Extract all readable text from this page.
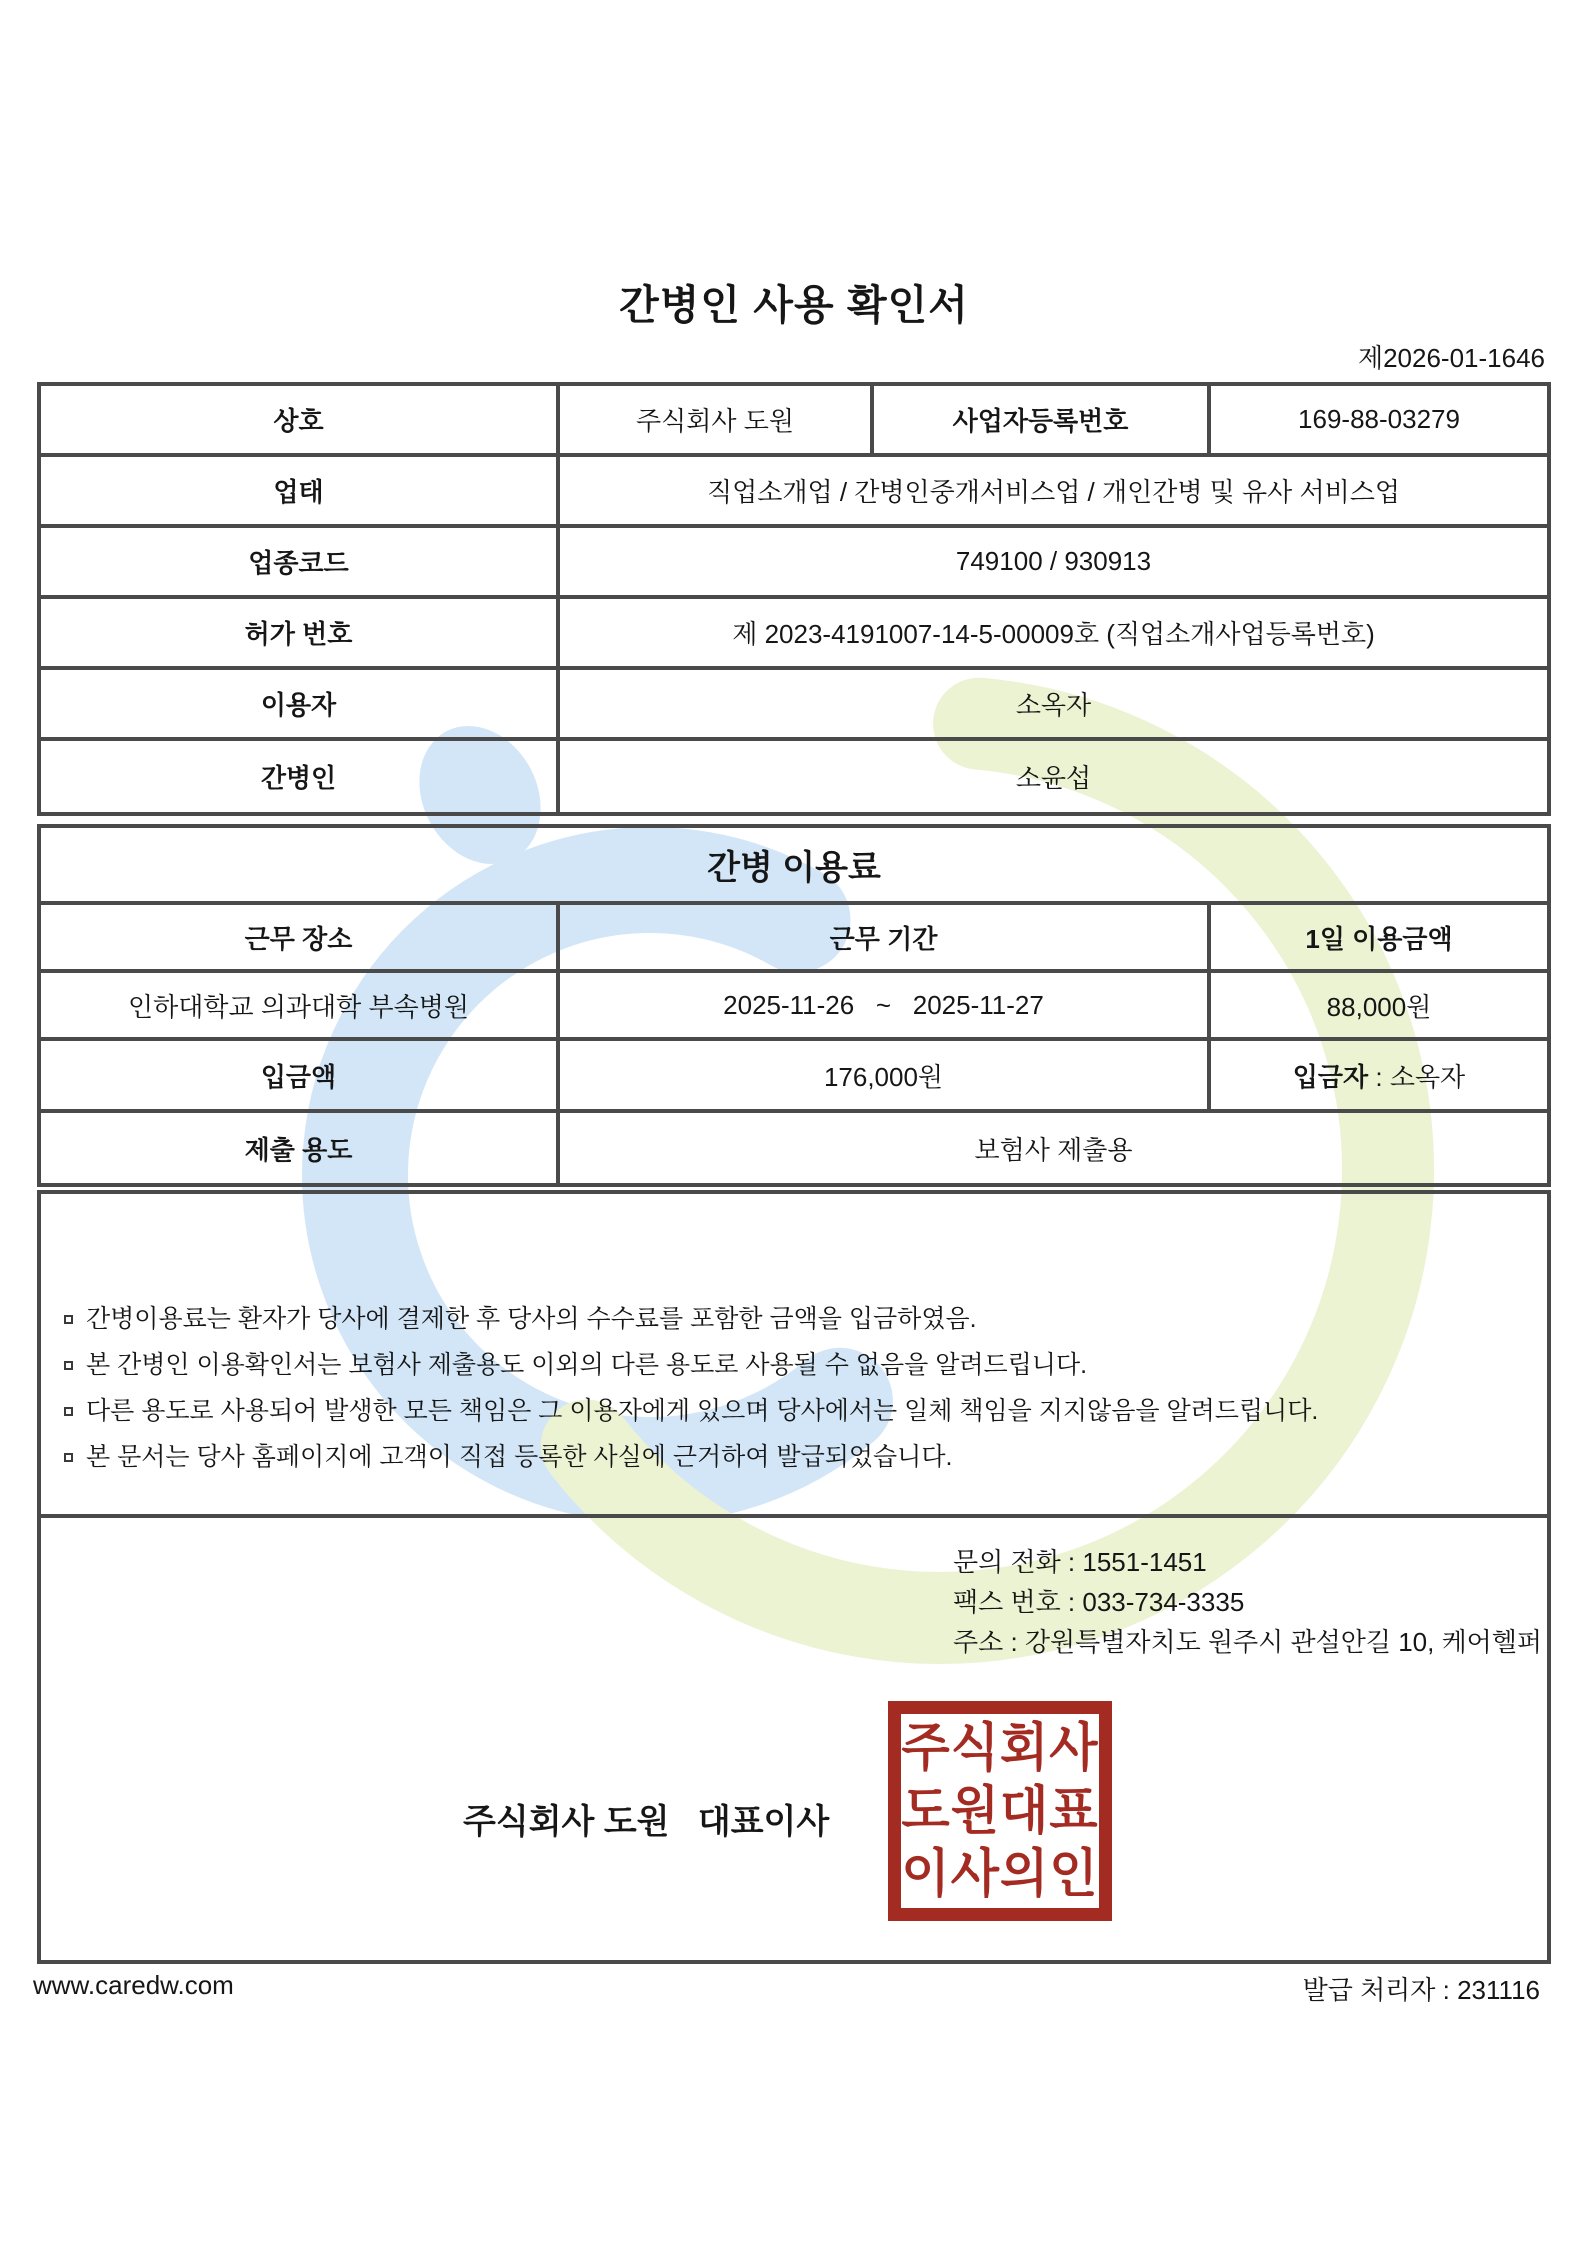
간병인 사용 확인서
제2026-01-1646
상호	주식회사 도원	사업자등록번호	169-88-03279
업태	직업소개업 / 간병인중개서비스업 / 개인간병 및 유사 서비스업
업종코드	749100 / 930913
허가 번호	제 2023-4191007-14-5-00009호 (직업소개사업등록번호)
이용자	소옥자
간병인	소윤섭
간병 이용료
근무 장소	근무 기간	1일 이용금액
인하대학교 의과대학 부속병원	2025-11-26   ~   2025-11-27	88,000원
입금액	176,000원	입금자 : 소옥자
제출 용도	보험사 제출용
간병이용료는 환자가 당사에 결제한 후 당사의 수수료를 포함한 금액을 입금하였음.
본 간병인 이용확인서는 보험사 제출용도 이외의 다른 용도로 사용될 수 없음을 알려드립니다.
다른 용도로 사용되어 발생한 모든 책임은 그 이용자에게 있으며 당사에서는 일체 책임을 지지않음을 알려드립니다.
본 문서는 당사 홈페이지에 고객이 직접 등록한 사실에 근거하여 발급되었습니다.
문의 전화 : 1551-1451
팩스 번호 : 033-734-3335
주소 : 강원특별자치도 원주시 관설안길 10, 케어헬퍼
주식회사 도원   대표이사
주식회사
도원대표
이사의인
www.caredw.com	발급 처리자 : 231116
